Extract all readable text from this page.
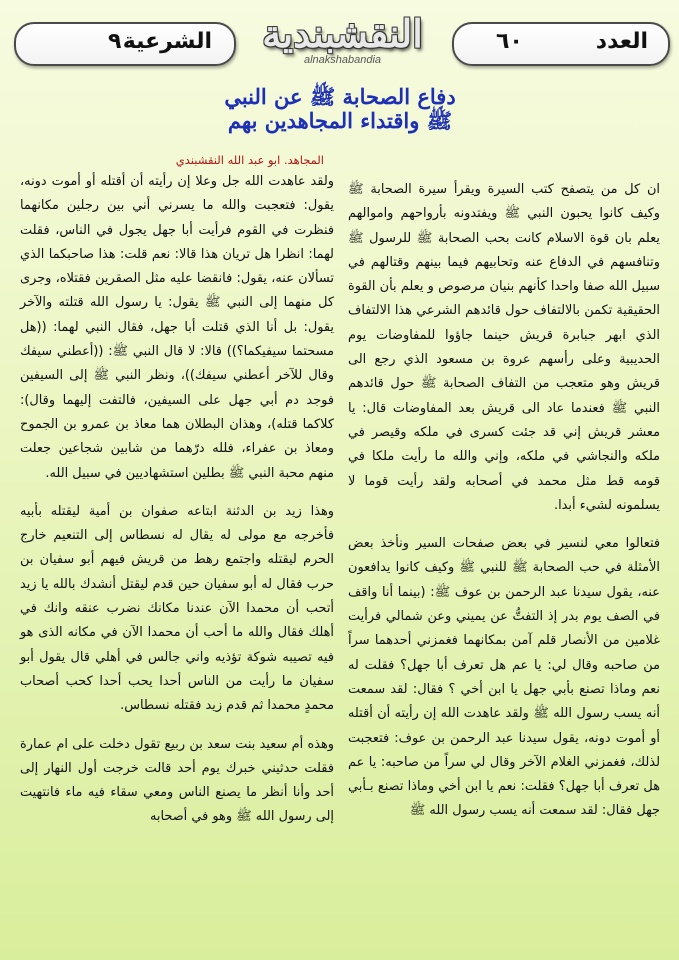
الشرعية
٩	النقشبندية
alnakshabandia
العدد
٦٠
دفاع الصحابة ﷺ عن النبي
ﷺ واقتداء المجاهدين بهم
المجاهد. ابو عبد الله النقشبندي

ان كل من يتصفح كتب السيرة ويقرأ سيرة الصحابة ﷺ وكيف كانوا يحبون النبي ﷺ ويفتدونه بأرواحهم واموالهم يعلم بان قوة الاسلام كانت بحب الصحابة ﷺ للرسول ﷺ وتنافسهم في الدفاع عنه وتحابيهم فيما بينهم وقتالهم في سبيل الله صفا واحدا كأنهم بنيان مرصوص و يعلم بأن القوة الحقيقية تكمن بالالتفاف حول قائدهم الشرعي هذا الالتفاف الذي ابهر جبابرة قريش حينما جاؤوا للمفاوضات يوم الحديبية وعلى رأسهم عروة بن مسعود الذي رجع الى قريش وهو متعجب من التفاف الصحابة ﷺ حول قائدهم النبي ﷺ فعندما عاد الى قريش بعد المفاوضات قال: يا معشر قريش إني قد جئت كسرى في ملكه وقيصر في ملكه والنجاشي في ملكه، وإني والله ما رأيت ملكا في قومه قط مثل محمد في أصحابه ولقد رأيت قوما لا يسلمونه لشيء أبدا.

فتعالوا معي لنسير في بعض صفحات السير ونأخذ بعض الأمثلة في حب الصحابة ﷺ للنبي ﷺ وكيف كانوا يدافعون عنه، يقول سيدنا عبد الرحمن بن عوف ﷺ: (بينما أنا واقف في الصف يوم بدر إذ التفتُّ عن يميني وعن شمالي فرأيت غلامين من الأنصار قلم آمن بمكانهما فغمزني أحدهما سراً من صاحبه وقال لي: يا عم هل تعرف أبا جهل؟ فقلت له نعم وماذا تصنع بأبي جهل يا ابن أخي ؟ فقال: لقد سمعت أنه يسب رسول الله ﷺ ولقد عاهدت الله إن رأيته أن أقتله أو أموت دونه، يقول سيدنا عبد الرحمن بن عوف: فتعجبت لذلك، فغمزني الغلام الآخر وقال لي سراً من صاحبه: يا عم هل تعرف أبا جهل؟ فقلت: نعم يا ابن أخي وماذا تصنع بـأبي جهل فقال: لقد سمعت أنه يسب رسول الله ﷺ

ولقد عاهدت الله جل وعلا إن رأيته أن أقتله أو أموت دونه، يقول: فتعجبت والله ما يسرني أني بين رجلين مكانهما فنظرت في القوم فرأيت أبا جهل يجول في الناس، فقلت لهما: انظرا هل تريان هذا قالا: نعم قلت: هذا صاحبكما الذي تسألان عنه، يقول: فانقضا عليه مثل الصقرين فقتلاه، وجرى كل منهما إلى النبي ﷺ يقول: يا رسول الله قتلته والآخر يقول: بل أنا الذي قتلت أبا جهل، فقال النبي لهما: ((هل مسحتما سيفيكما؟)) قالا: لا قال النبي ﷺ: ((أعطني سيفك وقال للآخر أعطني سيفك))، ونظر النبي ﷺ إلى السيفين فوجد دم أبي جهل على السيفين، فالتفت إليهما وقال): كلاكما قتله)، وهذان البطلان هما معاذ بن عمرو بن الجموح ومعاذ بن عفراء، فلله درّهما من شابين شجاعين جعلت منهم محبة النبي ﷺ بطلين استشهاديين في سبيل الله.

وهذا زيد بن الدثنة ابتاعه صفوان بن أمية ليقتله بأبيه فأخرجه مع مولى له يقال له نسطاس إلى التنعيم خارج الحرم ليقتله واجتمع رهط من قريش فيهم أبو سفيان بن حرب فقال له أبو سفيان حين قدم ليقتل أنشدك بالله يا زيد أتحب أن محمدا الآن عندنا مكانك نضرب عنقه وانك في أهلك فقال والله ما أحب أن محمدا الآن في مكانه الذى هو فيه تصيبه شوكة تؤذيه واني جالس في أهلي قال يقول أبو سفيان ما رأيت من الناس أحدا يحب أحدا كحب أصحاب محمدٍ محمدا ثم قدم زيد فقتله نسطاس.

وهذه أم سعيد بنت سعد بن ربيع تقول دخلت على ام عمارة فقلت حدثيني خبرك يوم أحد قالت خرجت أول النهار إلى أحد وأنا أنظر ما يصنع الناس ومعي سقاء فيه ماء فانتهيت إلى رسول الله ﷺ وهو في أصحابه
